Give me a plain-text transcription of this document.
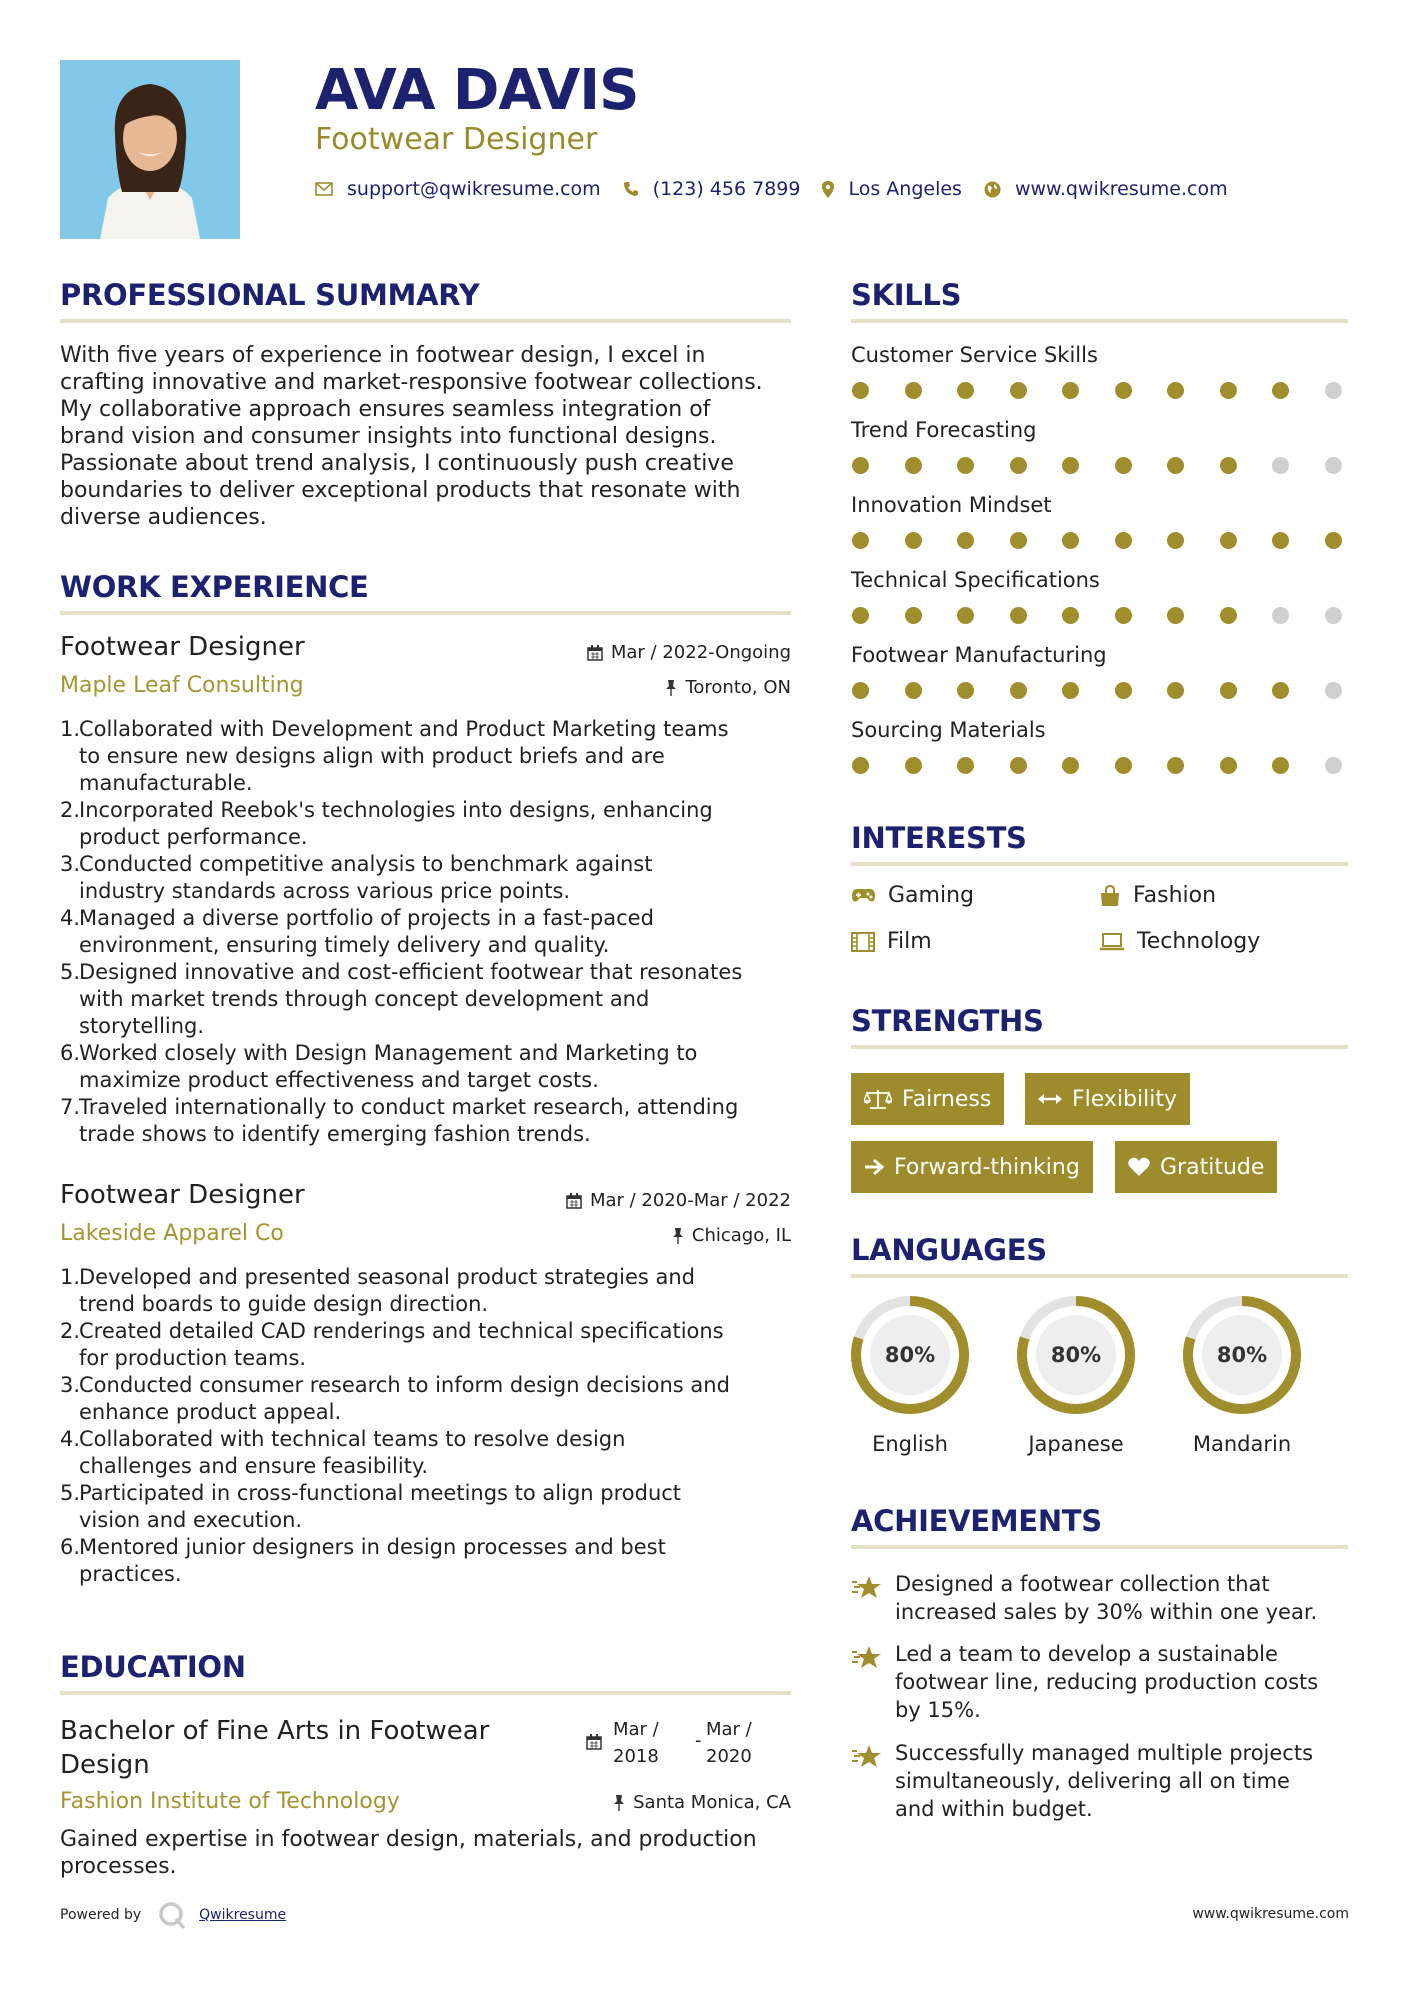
AVA DAVIS
Footwear Designer
support@qwikresume.com	(123) 456 7899	Los Angeles	www.qwikresume.com
PROFESSIONAL SUMMARY
With five years of experience in footwear design, I excel in
crafting innovative and market-responsive footwear collections.
My collaborative approach ensures seamless integration of
brand vision and consumer insights into functional designs.
Passionate about trend analysis, I continuously push creative
boundaries to deliver exceptional products that resonate with
diverse audiences.
WORK EXPERIENCE
Footwear Designer	Mar / 2022-Ongoing
Maple Leaf Consulting	Toronto, ON
1.
Collaborated with Development and Product Marketing teams
to ensure new designs align with product briefs and are
manufacturable.
2.
Incorporated Reebok's technologies into designs, enhancing
product performance.
3.
Conducted competitive analysis to benchmark against
industry standards across various price points.
4.
Managed a diverse portfolio of projects in a fast-paced
environment, ensuring timely delivery and quality.
5.
Designed innovative and cost-efficient footwear that resonates
with market trends through concept development and
storytelling.
6.
Worked closely with Design Management and Marketing to
maximize product effectiveness and target costs.
7.
Traveled internationally to conduct market research, attending
trade shows to identify emerging fashion trends.
Footwear Designer	Mar / 2020-Mar / 2022
Lakeside Apparel Co	Chicago, IL
1.
Developed and presented seasonal product strategies and
trend boards to guide design direction.
2.
Created detailed CAD renderings and technical specifications
for production teams.
3.
Conducted consumer research to inform design decisions and
enhance product appeal.
4.
Collaborated with technical teams to resolve design
challenges and ensure feasibility.
5.
Participated in cross-functional meetings to align product
vision and execution.
6.
Mentored junior designers in design processes and best
practices.
EDUCATION
Bachelor of Fine Arts in Footwear
Design
Mar /
2018
-
Mar /
2020
Fashion Institute of Technology	Santa Monica, CA
Gained expertise in footwear design, materials, and production
processes.
SKILLS
Customer Service Skills
Trend Forecasting
Innovation Mindset
Technical Specifications
Footwear Manufacturing
Sourcing Materials
INTERESTS
Gaming	Fashion
Film	Technology
STRENGTHS
Fairness	Flexibility
Forward-thinking	Gratitude
LANGUAGES
80%
English
80%
Japanese
80%
Mandarin
ACHIEVEMENTS
Designed a footwear collection that
increased sales by 30% within one year.
Led a team to develop a sustainable
footwear line, reducing production costs
by 15%.
Successfully managed multiple projects
simultaneously, delivering all on time
and within budget.
Powered by	Qwikresume	www.qwikresume.com
